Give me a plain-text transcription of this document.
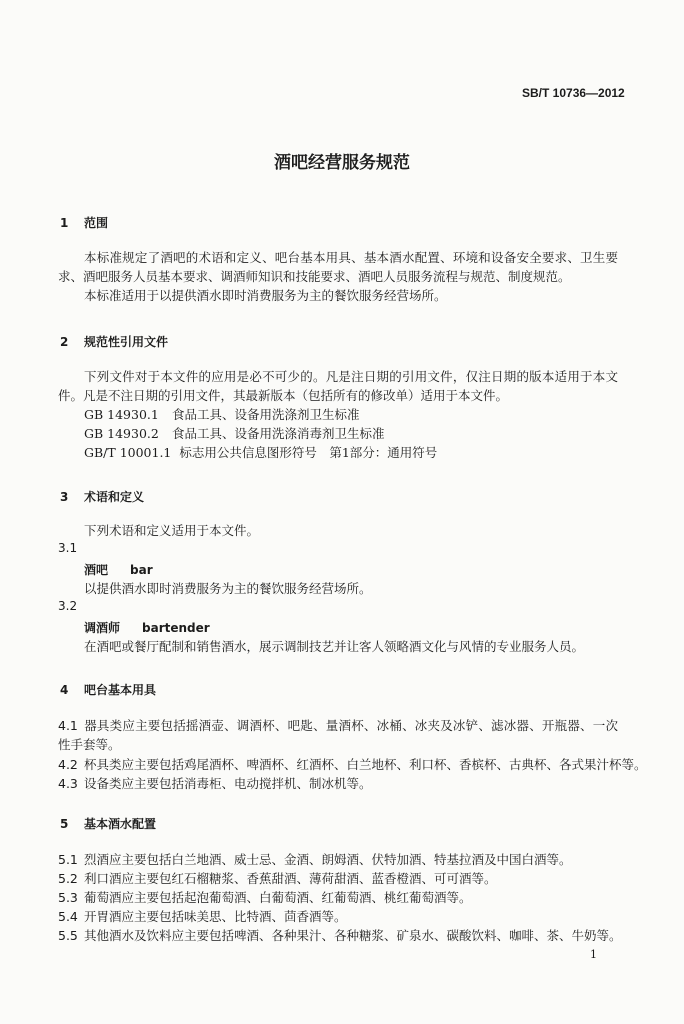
SB/T 10736—2012
酒吧经营服务规范
1 范围
本标准规定了酒吧的术语和定义、吧台基本用具、基本酒水配置、环境和设备安全要求、卫生要求、酒吧服务人员基本要求、调酒师知识和技能要求、酒吧人员服务流程与规范、制度规范。
本标准适用于以提供酒水即时消费服务为主的餐饮服务经营场所。
2 规范性引用文件
下列文件对于本文件的应用是必不可少的。凡是注日期的引用文件，仅注日期的版本适用于本文件。凡是不注日期的引用文件，其最新版本（包括所有的修改单）适用于本文件。
GB 14930.1 食品工具、设备用洗涤剂卫生标准
GB 14930.2 食品工具、设备用洗涤消毒剂卫生标准
GB/T 10001.1 标志用公共信息图形符号　第1部分：通用符号
3 术语和定义
下列术语和定义适用于本文件。
3.1
酒吧 bar
以提供酒水即时消费服务为主的餐饮服务经营场所。
3.2
调酒师 bartender
在酒吧或餐厅配制和销售酒水，展示调制技艺并让客人领略酒文化与风情的专业服务人员。
4 吧台基本用具
4.1 器具类应主要包括摇酒壶、调酒杯、吧匙、量酒杯、冰桶、冰夹及冰铲、滤冰器、开瓶器、一次性手套等。
4.2 杯具类应主要包括鸡尾酒杯、啤酒杯、红酒杯、白兰地杯、利口杯、香槟杯、古典杯、各式果汁杯等。
4.3 设备类应主要包括消毒柜、电动搅拌机、制冰机等。
5 基本酒水配置
5.1 烈酒应主要包括白兰地酒、威士忌、金酒、朗姆酒、伏特加酒、特基拉酒及中国白酒等。
5.2 利口酒应主要包红石榴糖浆、香蕉甜酒、薄荷甜酒、蓝香橙酒、可可酒等。
5.3 葡萄酒应主要包括起泡葡萄酒、白葡萄酒、红葡萄酒、桃红葡萄酒等。
5.4 开胃酒应主要包括味美思、比特酒、茴香酒等。
5.5 其他酒水及饮料应主要包括啤酒、各种果汁、各种糖浆、矿泉水、碳酸饮料、咖啡、茶、牛奶等。
1
